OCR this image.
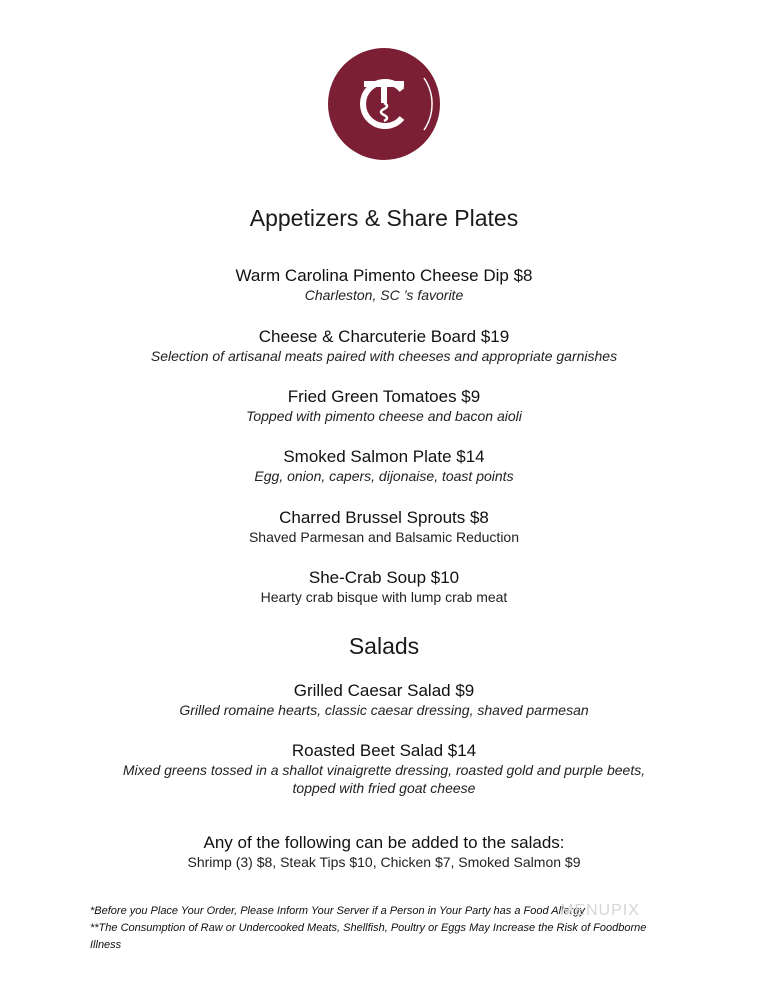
Appetizers & Share Plates
Warm Carolina Pimento Cheese Dip $8
Charleston, SC ’s favorite
Cheese & Charcuterie Board $19
Selection of artisanal meats paired with cheeses and appropriate garnishes
Fried Green Tomatoes $9
Topped with pimento cheese and bacon aioli
Smoked Salmon Plate $14
Egg, onion, capers, dijonaise, toast points
Charred Brussel Sprouts $8
Shaved Parmesan and Balsamic Reduction
She-Crab Soup $10
Hearty crab bisque with lump crab meat
Salads
Grilled Caesar Salad $9
Grilled romaine hearts, classic caesar dressing, shaved parmesan
Roasted Beet Salad $14
Mixed greens tossed in a shallot vinaigrette dressing, roasted gold and purple beets,
topped with fried goat cheese
Any of the following can be added to the salads:
Shrimp (3) $8, Steak Tips $10, Chicken $7, Smoked Salmon $9
*Before you Place Your Order, Please Inform Your Server if a Person in Your Party has a Food Allergy
**The Consumption of Raw or Undercooked Meats, Shellfish, Poultry or Eggs May Increase the Risk of Foodborne
Illness
MENUPIX
